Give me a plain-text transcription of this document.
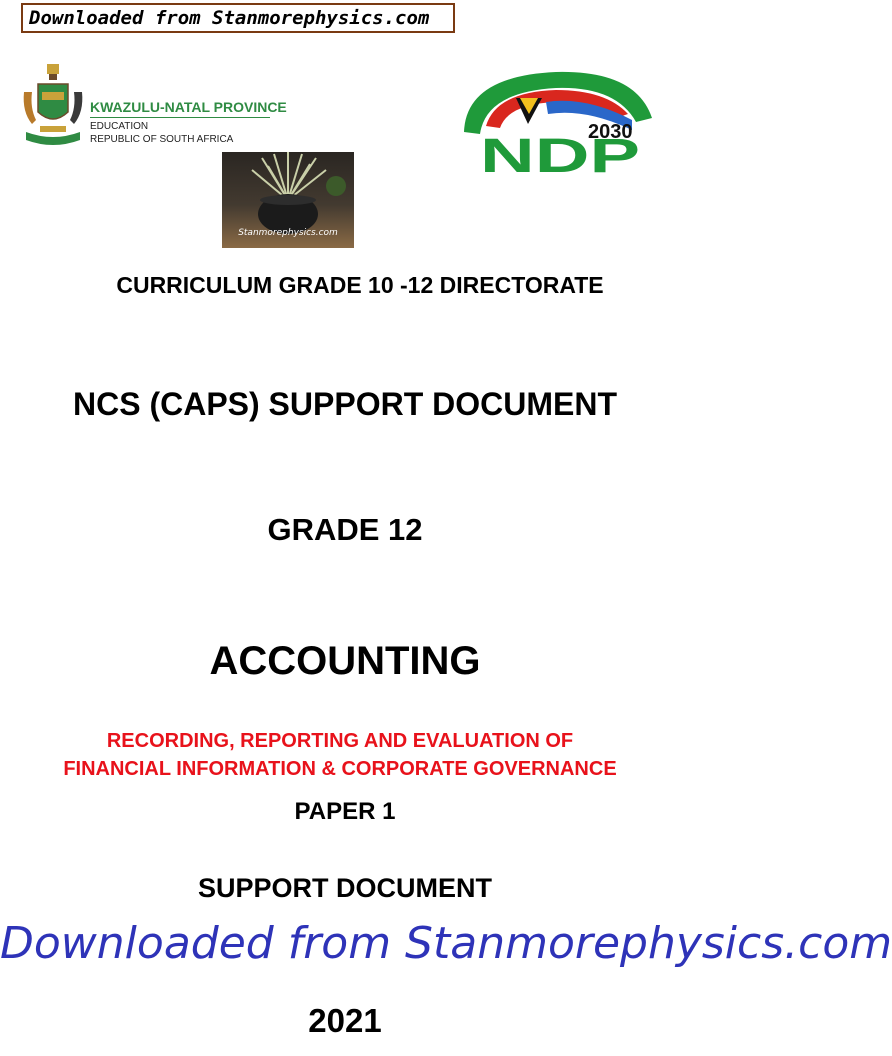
Downloaded from Stanmorephysics.com
KWAZULU-NATAL PROVINCE
EDUCATION
REPUBLIC OF SOUTH AFRICA	2030
NDP
Stanmorephysics.com
CURRICULUM GRADE 10 -12 DIRECTORATE
NCS (CAPS) SUPPORT DOCUMENT
GRADE 12
ACCOUNTING
RECORDING, REPORTING AND EVALUATION OF
FINANCIAL INFORMATION & CORPORATE GOVERNANCE
PAPER 1
SUPPORT DOCUMENT
Downloaded from Stanmorephysics.com
2021
